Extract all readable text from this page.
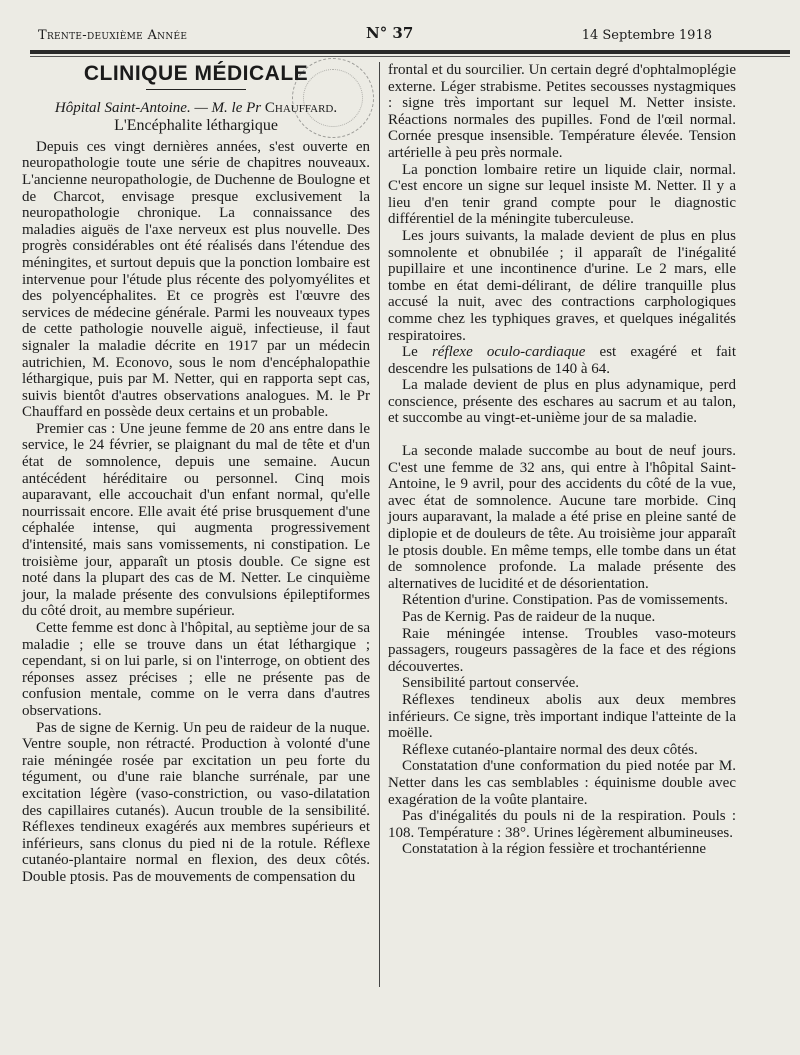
Trente-deuxième Année	N° 37	14 Septembre 1918
CLINIQUE MÉDICALE
Hôpital Saint-Antoine. — M. le Pr Chauffard.
L'Encéphalite léthargique

Depuis ces vingt dernières années, s'est ouverte en neuropathologie toute une série de chapitres nouveaux. L'ancienne neuropathologie, de Duchenne de Boulogne et de Charcot, envisage presque exclusivement la neuropathologie chronique. La connaissance des maladies aiguës de l'axe nerveux est plus nouvelle. Des progrès considérables ont été réalisés dans l'étendue des méningites, et surtout depuis que la ponction lombaire est intervenue pour l'étude plus récente des polyomyélites et des polyencéphalites. Et ce progrès est l'œuvre des services de médecine générale. Parmi les nouveaux types de cette pathologie nouvelle aiguë, infectieuse, il faut signaler la maladie décrite en 1917 par un médecin autrichien, M. Econovo, sous le nom d'encéphalopathie léthargique, puis par M. Netter, qui en rapporta sept cas, suivis bientôt d'autres observations analogues. M. le Pr Chauffard en possède deux certains et un probable.

Premier cas : Une jeune femme de 20 ans entre dans le service, le 24 février, se plaignant du mal de tête et d'un état de somnolence, depuis une semaine. Aucun antécédent héréditaire ou personnel. Cinq mois auparavant, elle accouchait d'un enfant normal, qu'elle nourrissait encore. Elle avait été prise brusquement d'une céphalée intense, qui augmenta progressivement d'intensité, mais sans vomissements, ni constipation. Le troisième jour, apparaît un ptosis double. Ce signe est noté dans la plupart des cas de M. Netter. Le cinquième jour, la malade présente des convulsions épileptiformes du côté droit, au membre supérieur.

Cette femme est donc à l'hôpital, au septième jour de sa maladie ; elle se trouve dans un état léthargique ; cependant, si on lui parle, si on l'interroge, on obtient des réponses assez précises ; elle ne présente pas de confusion mentale, comme on le verra dans d'autres observations.

Pas de signe de Kernig. Un peu de raideur de la nuque. Ventre souple, non rétracté. Production à volonté d'une raie méningée rosée par excitation un peu forte du tégument, ou d'une raie blanche surrénale, par une excitation légère (vaso-constriction, ou vaso-dilatation des capillaires cutanés). Aucun trouble de la sensibilité. Réflexes tendineux exagérés aux membres supérieurs et inférieurs, sans clonus du pied ni de la rotule. Réflexe cutanéo-plantaire normal en flexion, des deux côtés. Double ptosis. Pas de mouvements de compensation du

frontal et du sourcilier. Un certain degré d'ophtalmoplégie externe. Léger strabisme. Petites secousses nystagmiques : signe très important sur lequel M. Netter insiste. Réactions normales des pupilles. Fond de l'œil normal. Cornée presque insensible. Température élevée. Tension artérielle à peu près normale.

La ponction lombaire retire un liquide clair, normal. C'est encore un signe sur lequel insiste M. Netter. Il y a lieu d'en tenir grand compte pour le diagnostic différentiel de la méningite tuberculeuse.

Les jours suivants, la malade devient de plus en plus somnolente et obnubilée ; il apparaît de l'inégalité pupillaire et une incontinence d'urine. Le 2 mars, elle tombe en état demi-délirant, de délire tranquille plus accusé la nuit, avec des contractions carphologiques comme chez les typhiques graves, et quelques inégalités respiratoires.

Le réflexe oculo-cardiaque est exagéré et fait descendre les pulsations de 140 à 64.

La malade devient de plus en plus adynamique, perd conscience, présente des eschares au sacrum et au talon, et succombe au vingt-et-unième jour de sa maladie.

La seconde malade succombe au bout de neuf jours. C'est une femme de 32 ans, qui entre à l'hôpital Saint-Antoine, le 9 avril, pour des accidents du côté de la vue, avec état de somnolence. Aucune tare morbide. Cinq jours auparavant, la malade a été prise en pleine santé de diplopie et de douleurs de tête. Au troisième jour apparaît le ptosis double. En même temps, elle tombe dans un état de somnolence profonde. La malade présente des alternatives de lucidité et de désorientation.

Rétention d'urine. Constipation. Pas de vomissements.

Pas de Kernig. Pas de raideur de la nuque.

Raie méningée intense. Troubles vaso-moteurs passagers, rougeurs passagères de la face et des régions découvertes.

Sensibilité partout conservée.

Réflexes tendineux abolis aux deux membres inférieurs. Ce signe, très important indique l'atteinte de la moëlle.

Réflexe cutanéo-plantaire normal des deux côtés.

Constatation d'une conformation du pied notée par M. Netter dans les cas semblables : équinisme double avec exagération de la voûte plantaire.

Pas d'inégalités du pouls ni de la respiration. Pouls : 108. Température : 38°. Urines légèrement albumineuses.

Constatation à la région fessière et trochantérienne
